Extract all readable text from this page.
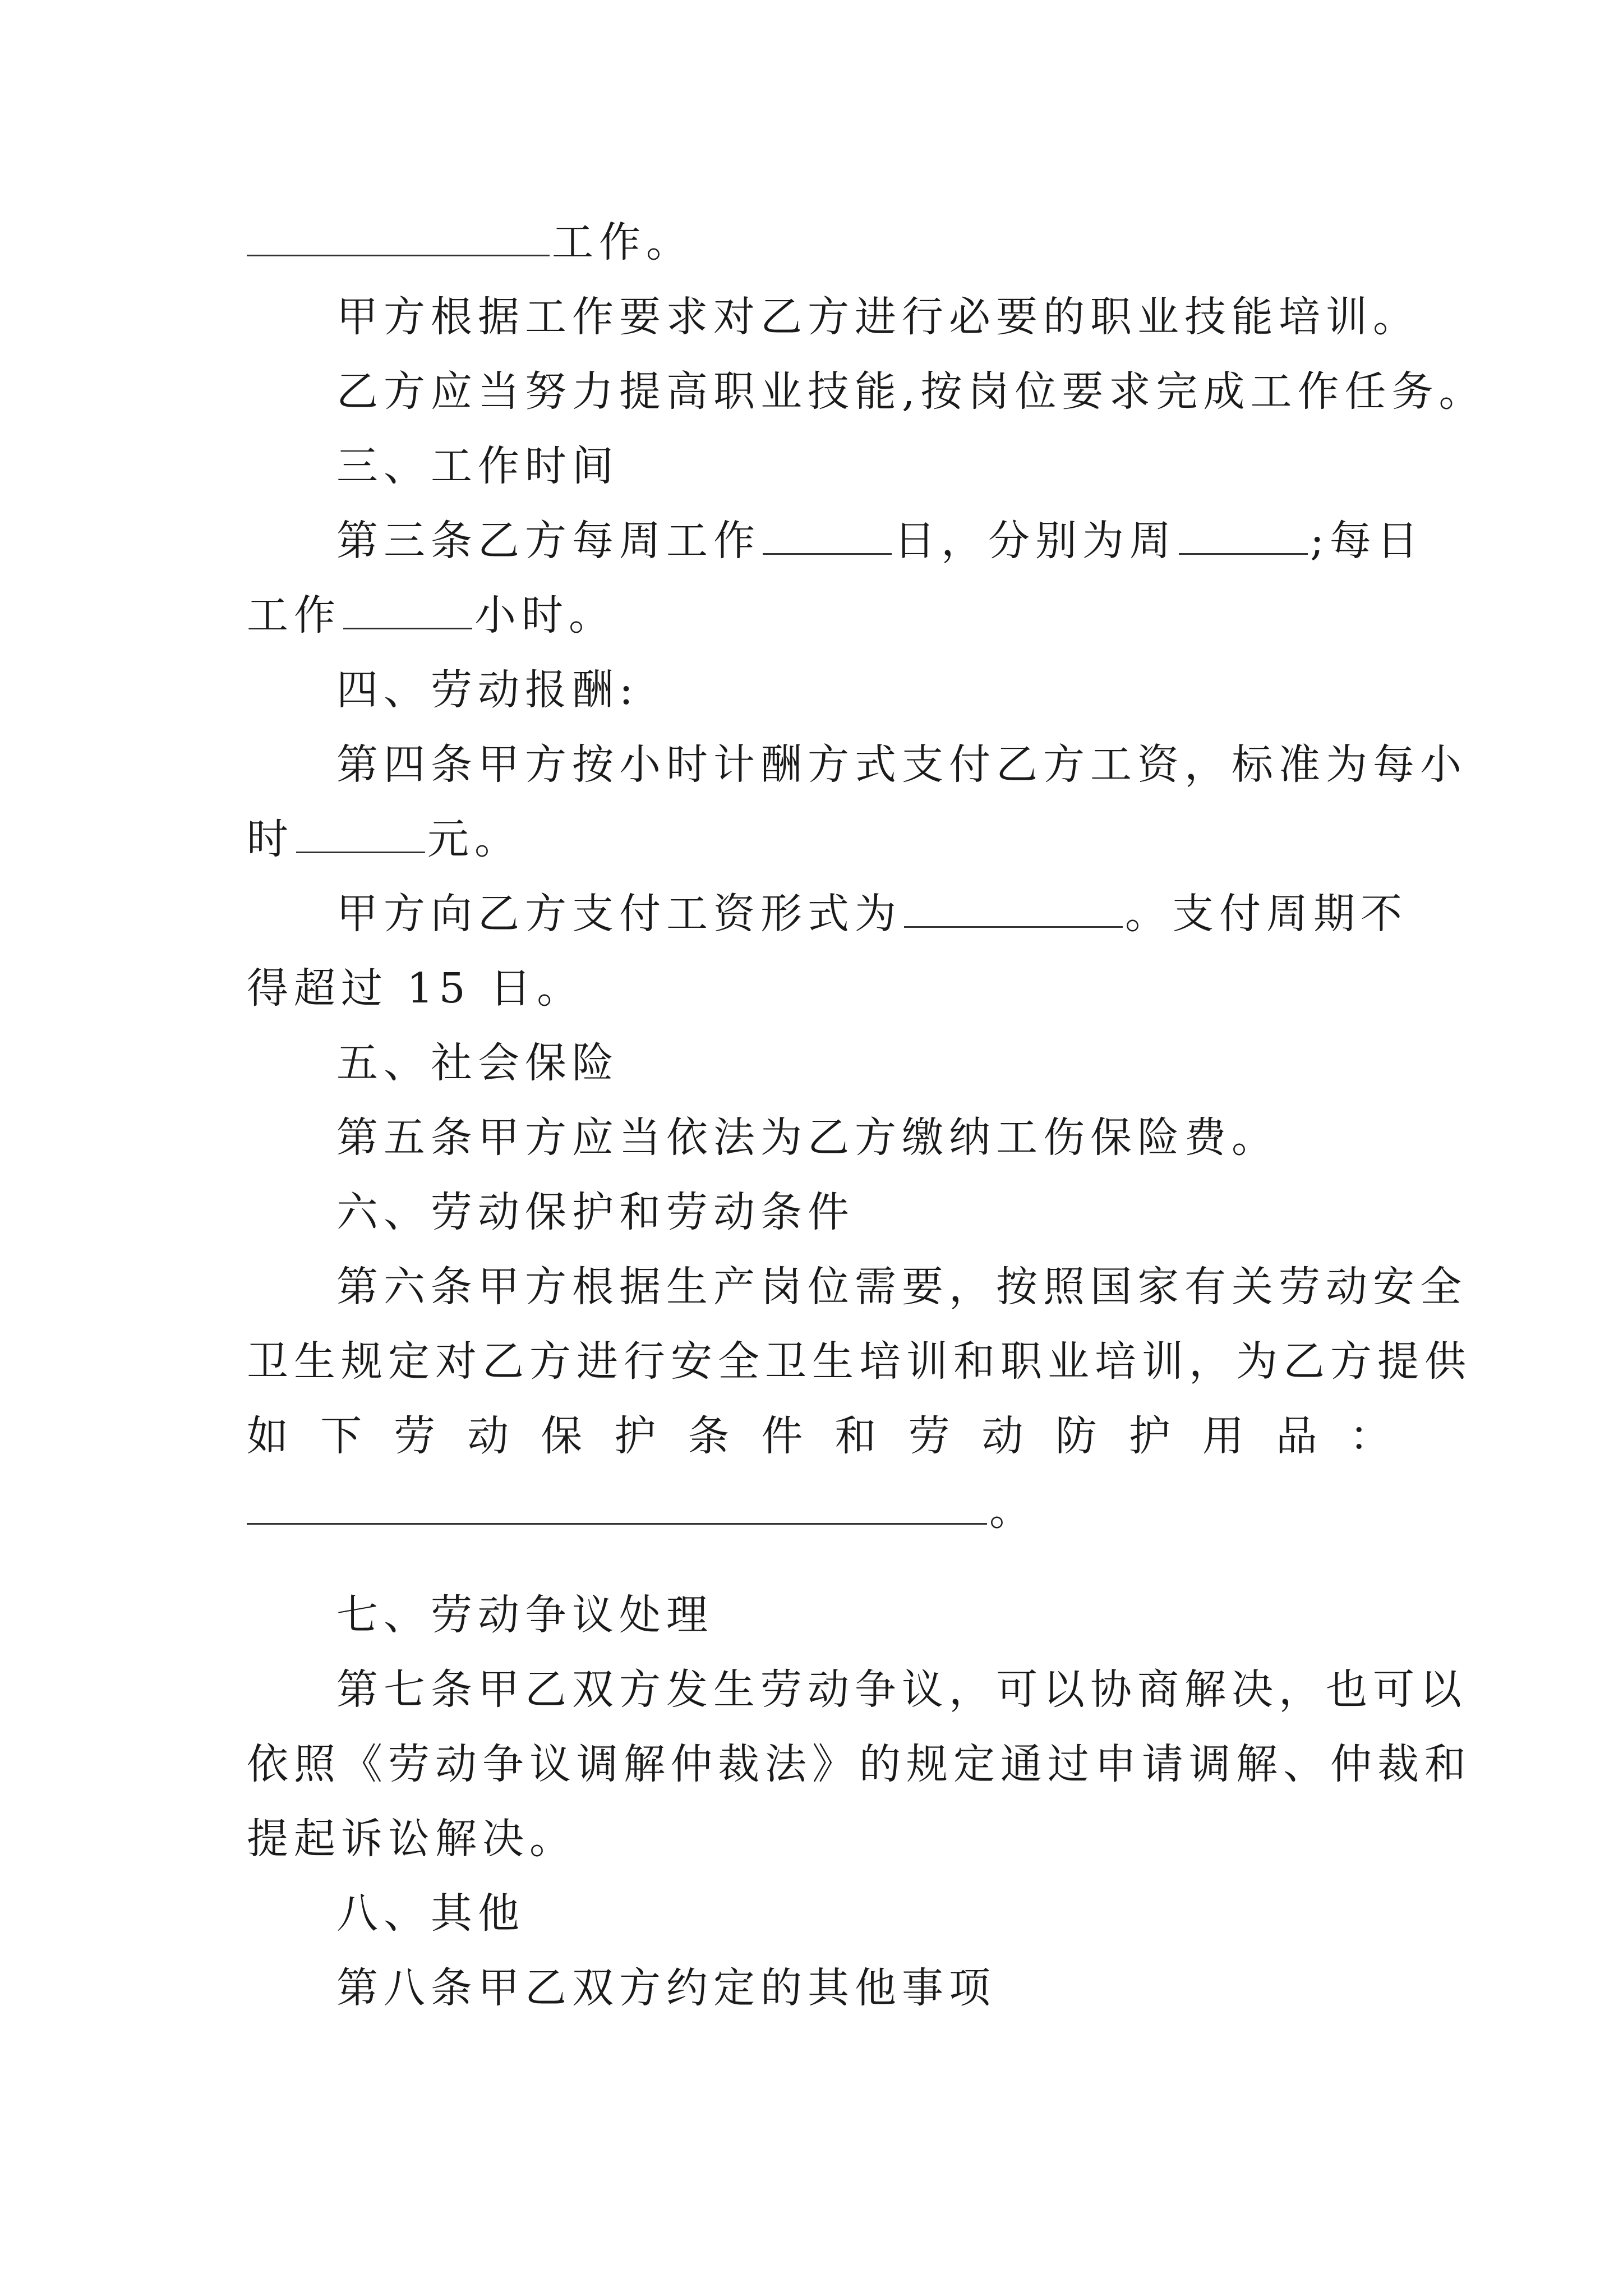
工作。
甲方根据工作要求对乙方进行必要的职业技能培训。
乙方应当努力提高职业技能,按岗位要求完成工作任务。
三、工作时间
第三条乙方每周工作	日，分别为周	;每日
工作	小时。
四、劳动报酬:
第四条甲方按小时计酬方式支付乙方工资，标准为每小
时	元。
甲方向乙方支付工资形式为	。支付周期不
得超过 15 日。
五、社会保险
第五条甲方应当依法为乙方缴纳工伤保险费。
六、劳动保护和劳动条件
第六条甲方根据生产岗位需要，按照国家有关劳动安全
卫生规定对乙方进行安全卫生培训和职业培训，为乙方提供
如 下 劳 动 保 护 条 件 和 劳 动 防 护 用 品 ：
。
七、劳动争议处理
第七条甲乙双方发生劳动争议，可以协商解决，也可以
依照《劳动争议调解仲裁法》的规定通过申请调解、仲裁和
提起诉讼解决。
八、其他
第八条甲乙双方约定的其他事项
